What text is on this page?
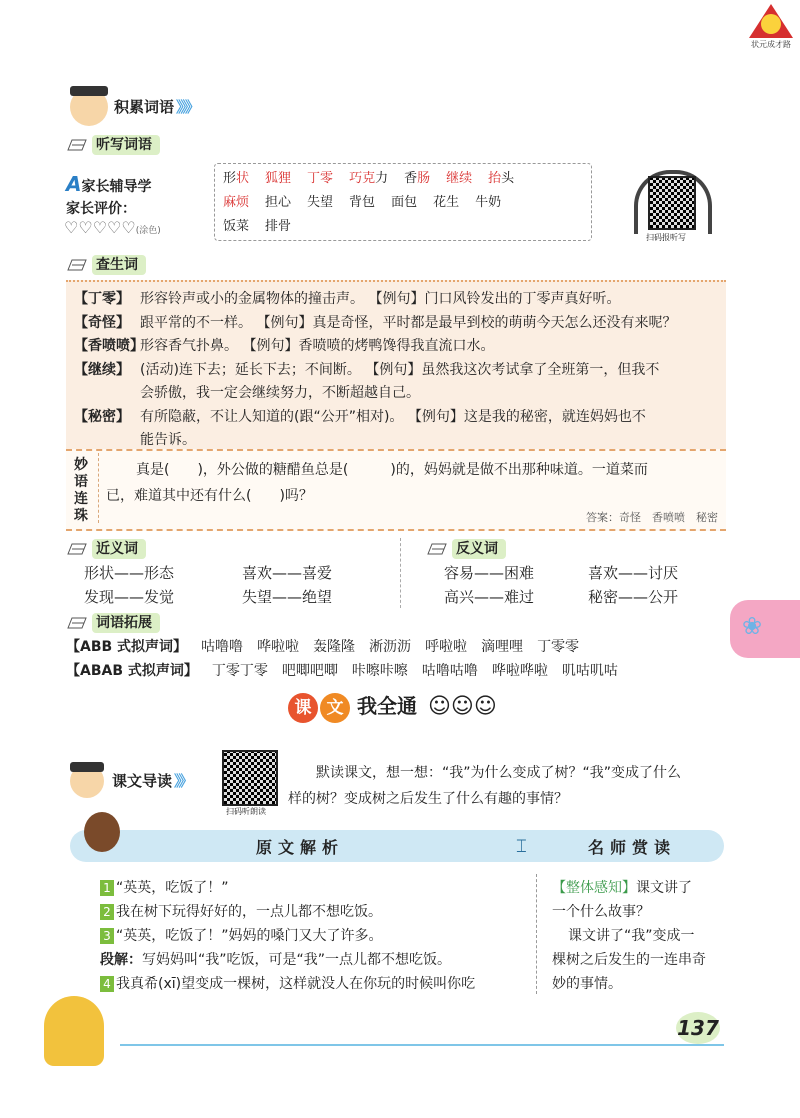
状元成才路
积累词语 》》》
听写词语
A家长辅导学
家长评价：
♡♡♡♡♡(涂色)
形状 狐狸 丁零 巧克力 香肠 继续 抬头
麻烦 担心 失望 背包 面包 花生 牛奶
饭菜 排骨
扫码报听写
查生词
【丁零】 形容铃声或小的金属物体的撞击声。 【例句】门口风铃发出的丁零声真好听。
【奇怪】 跟平常的不一样。 【例句】真是奇怪，平时都是最早到校的萌萌今天怎么还没有来呢？
【香喷喷】形容香气扑鼻。 【例句】香喷喷的烤鸭馋得我直流口水。
【继续】 (活动)连下去；延长下去；不间断。 【例句】虽然我这次考试拿了全班第一，但我不
会骄傲，我一定会继续努力，不断超越自己。
【秘密】 有所隐蔽，不让人知道的(跟“公开”相对)。 【例句】这是我的秘密，就连妈妈也不
能告诉。
妙
语
连
珠
真是(　　)，外公做的糖醋鱼总是(　　　)的，妈妈就是做不出那种味道。一道菜而
已，难道其中还有什么(　　)吗？
答案：奇怪　香喷喷　秘密
近义词	反义词
形状——形态	喜欢——喜爱
发现——发觉	失望——绝望
容易——困难	喜欢——讨厌
高兴——难过	秘密——公开
词语拓展
【ABB 式拟声词】 咕噜噜 哗啦啦 轰隆隆 淅沥沥 呼啦啦 滴哩哩 丁零零
【ABAB 式拟声词】 丁零丁零 吧唧吧唧 咔嚓咔嚓 咕噜咕噜 哗啦哗啦 叽咕叽咕
❀
课 文 我全通 ☺☺☺
课文导读 》》
扫码听朗读
默读课文，想一想：“我”为什么变成了树？“我”变成了什么
样的树？变成树之后发生了什么有趣的事情？
原文解析	⌶	名师赏读
1 “英英，吃饭了！”
2 我在树下玩得好好的，一点儿都不想吃饭。
3 “英英，吃饭了！”妈妈的嗓门又大了许多。
段解：写妈妈叫“我”吃饭，可是“我”一点儿都不想吃饭。
4 我真希(xī)望变成一棵树，这样就没人在你玩的时候叫你吃
【整体感知】课文讲了
一个什么故事？
课文讲了“我”变成一
棵树之后发生的一连串奇
妙的事情。
137
